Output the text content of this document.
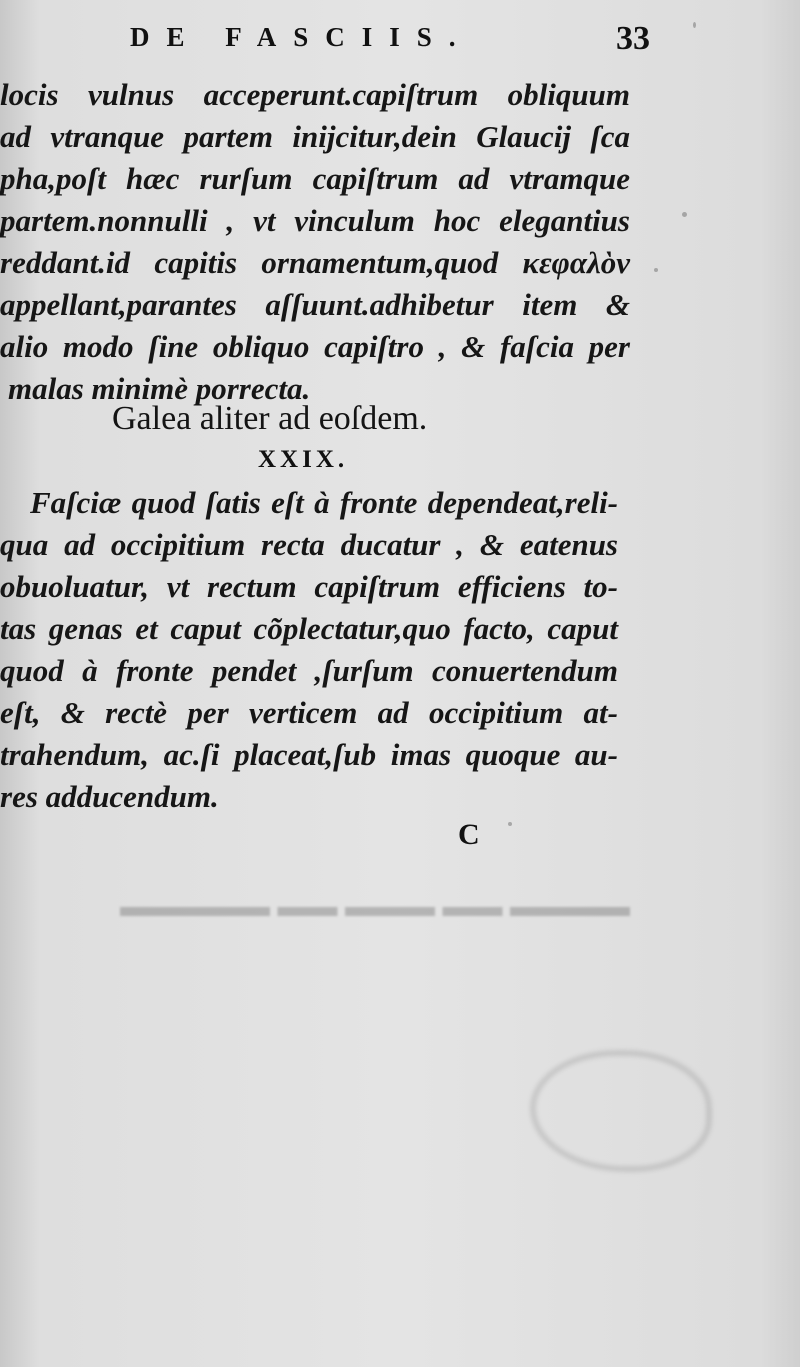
DE FASCIIS.	33
locis vulnus acceperunt.capiſtrum obliquum
ad vtranque partem inijcitur,dein Glaucij ſca
pha,poſt hæc rurſum capiſtrum ad vtramque
partem.nonnulli , vt vinculum hoc elegantius
reddant.id capitis ornamentum,quod κεφαλὸν
appellant,parantes aſſuunt.adhibetur item &
alio modo ſine obliquo capiſtro , & faſcia per
malas minimè porrecta.
Galea aliter ad eoſdem.
XXIX.
Faſciæ quod ſatis eſt à fronte dependeat,reli-
qua ad occipitium recta ducatur , & eatenus
obuoluatur, vt rectum capiſtrum efficiens to-
tas genas et caput cõplectatur,quo facto, caput
quod à fronte pendet ,ſurſum conuertendum
eſt, & rectè per verticem ad occipitium at-
trahendum, ac.ſi placeat,ſub imas quoque au-
res adducendum.
C
▬▬▬▬ ▬▬ ▬▬▬ ▬▬ ▬▬▬▬▬
